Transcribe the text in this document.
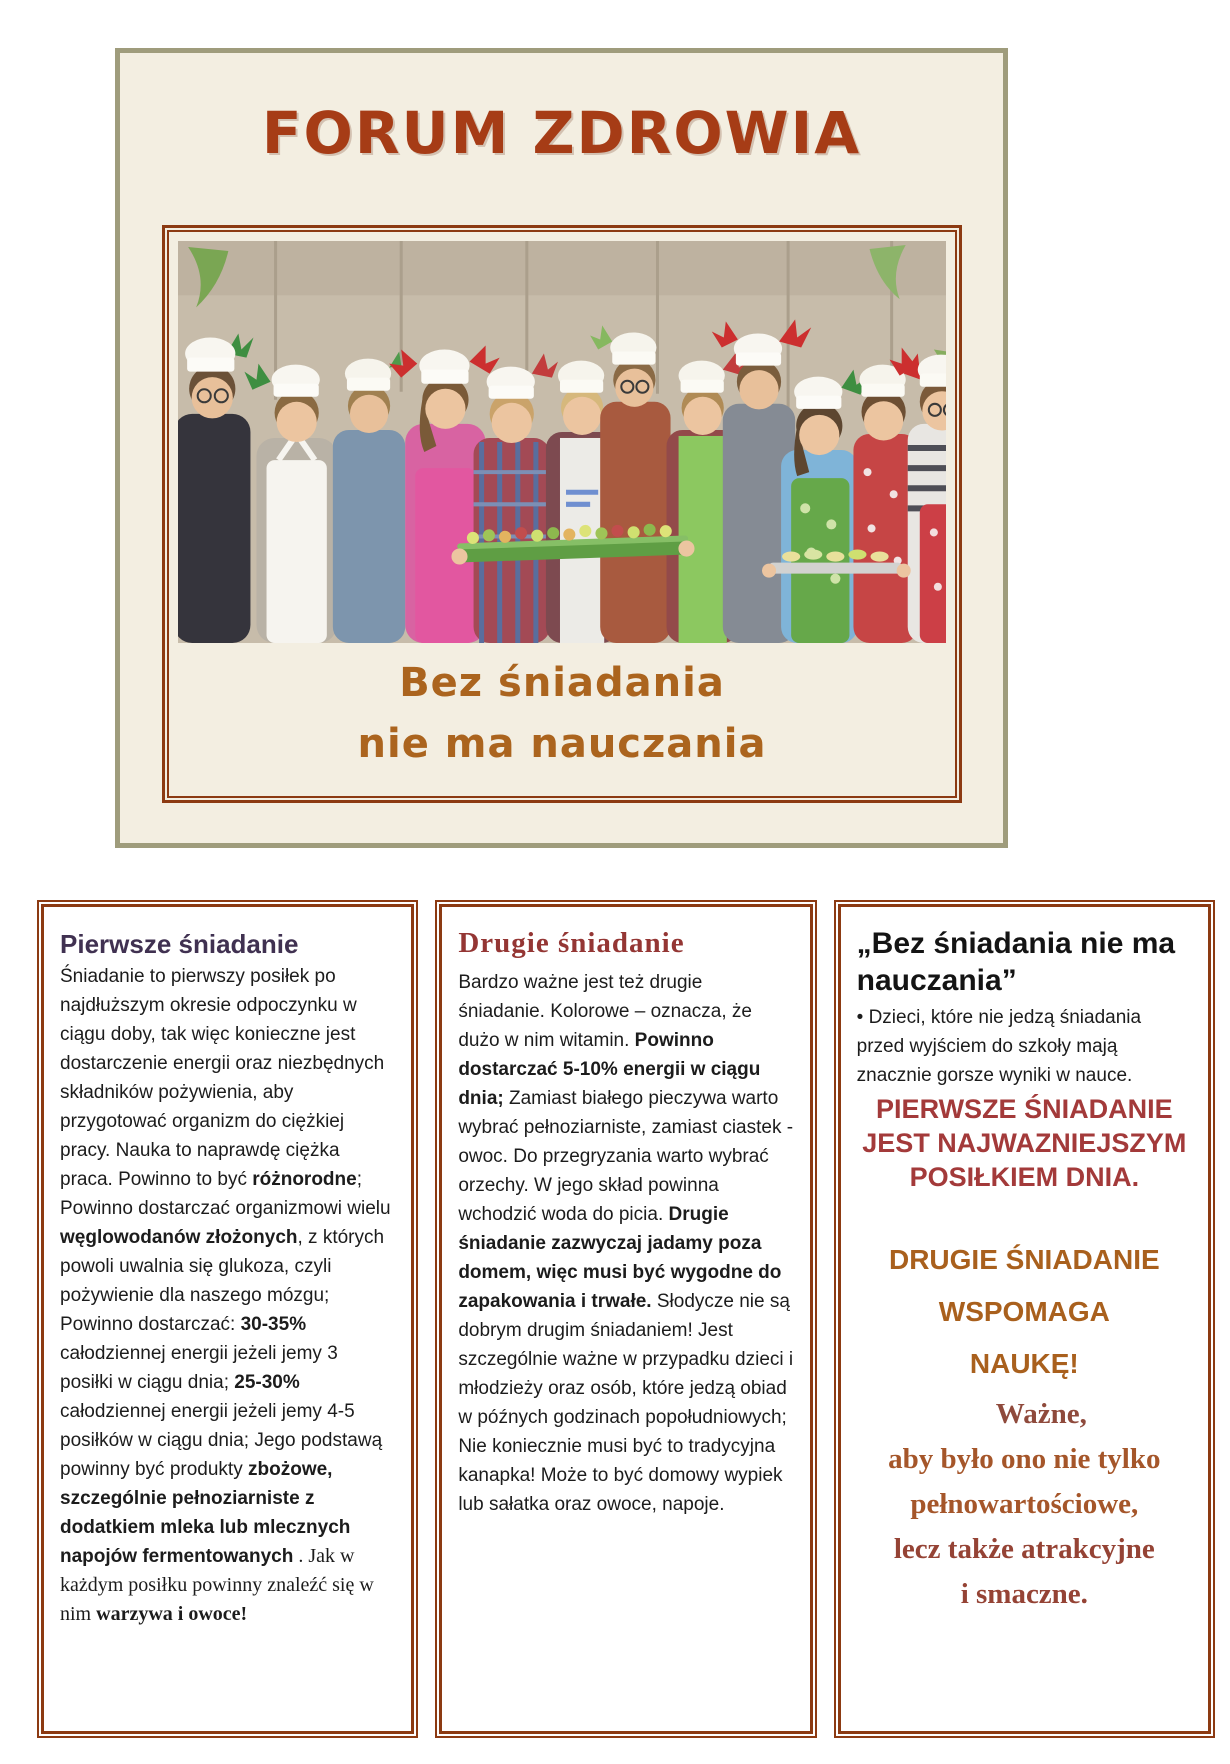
FORUM ZDROWIA
Bez śniadania
nie ma nauczania
Pierwsze śniadanie

Śniadanie to pierwszy posiłek po najdłuższym okresie odpoczynku w ciągu doby, tak więc konieczne jest dostarczenie energii oraz niezbędnych składników pożywienia, aby przygotować organizm do ciężkiej pracy. Nauka to naprawdę ciężka praca. Powinno to być różnorodne; Powinno dostarczać organizmowi wielu węglowodanów złożonych, z których powoli uwalnia się glukoza, czyli pożywienie dla naszego mózgu; Powinno dostarczać: 30-35% całodziennej energii jeżeli jemy 3 posiłki w ciągu dnia; 25-30% całodziennej energii jeżeli jemy 4-5 posiłków w ciągu dnia; Jego podstawą powinny być produkty zbożowe, szczególnie pełnoziarniste z dodatkiem mleka lub mlecznych napojów fermentowanych . Jak w każdym posiłku powinny znaleźć się w nim warzywa i owoce!

Drugie śniadanie

Bardzo ważne jest też drugie śniadanie. Kolorowe – oznacza, że dużo w nim witamin. Powinno dostarczać 5-10% energii w ciągu dnia; Zamiast białego pieczywa warto wybrać pełnoziarniste, zamiast ciastek - owoc. Do przegryzania warto wybrać orzechy. W jego skład powinna wchodzić woda do picia. Drugie śniadanie zazwyczaj jadamy poza domem, więc musi być wygodne do zapakowania i trwałe. Słodycze nie są dobrym drugim śniadaniem! Jest szczególnie ważne w przypadku dzieci i młodzieży oraz osób, które jedzą obiad w późnych godzinach popołudniowych; Nie koniecznie musi być to tradycyjna kanapka! Może to być domowy wypiek lub sałatka oraz owoce, napoje.

„Bez śniadania nie ma nauczania”

• Dzieci, które nie jedzą śniadania przed wyjściem do szkoły mają znacznie gorsze wyniki w nauce.

PIERWSZE ŚNIADANIE JEST NAJWAZNIEJSZYM POSIŁKIEM DNIA.
DRUGIE ŚNIADANIE
WSPOMAGA
NAUKĘ!
Ważne,
aby było ono nie tylko
pełnowartościowe,
lecz także atrakcyjne
i smaczne.
